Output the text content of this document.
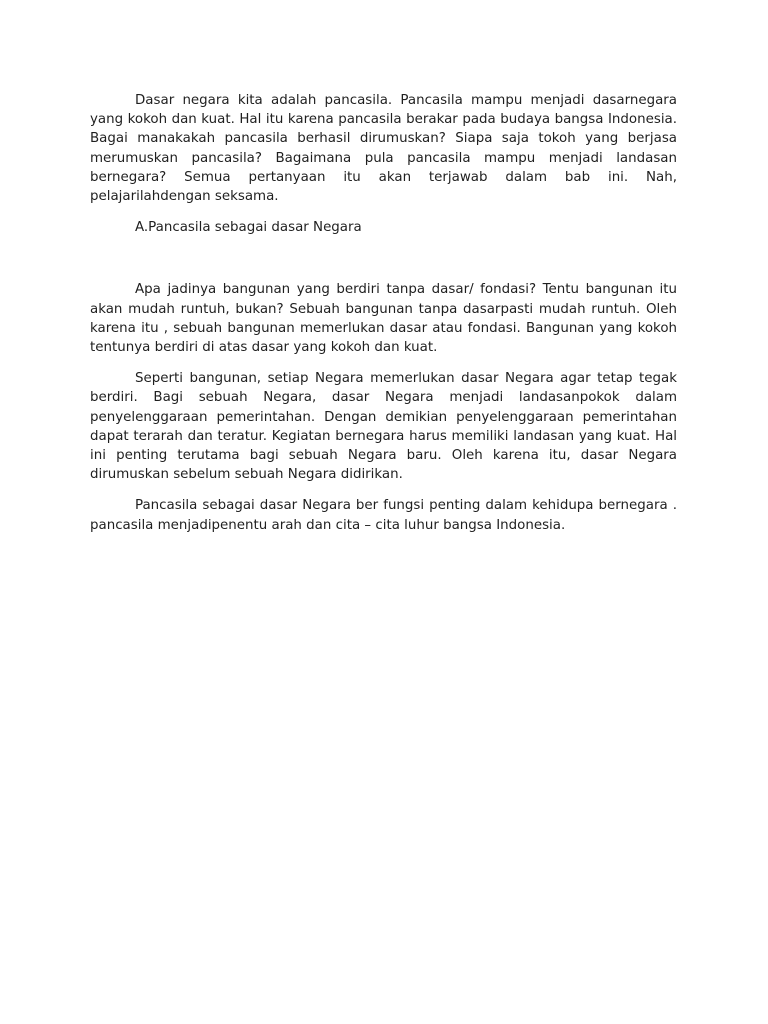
Dasar negara kita adalah pancasila. Pancasila mampu menjadi dasarnegara yang kokoh dan kuat. Hal itu karena pancasila berakar pada budaya bangsa Indonesia. Bagai manakakah pancasila berhasil dirumuskan? Siapa saja tokoh yang berjasa merumuskan pancasila? Bagaimana pula pancasila mampu menjadi landasan bernegara? Semua pertanyaan itu akan terjawab dalam bab ini. Nah, pelajarilahdengan seksama.

A.Pancasila sebagai dasar Negara

Apa jadinya bangunan yang berdiri tanpa dasar/ fondasi? Tentu bangunan itu akan mudah runtuh, bukan? Sebuah bangunan tanpa dasarpasti mudah runtuh. Oleh karena itu , sebuah bangunan memerlukan dasar atau fondasi. Bangunan yang kokoh tentunya berdiri di atas dasar yang kokoh dan kuat.

Seperti bangunan, setiap Negara memerlukan dasar Negara agar tetap tegak berdiri. Bagi sebuah Negara, dasar Negara menjadi landasanpokok dalam penyelenggaraan pemerintahan. Dengan demikian penyelenggaraan pemerintahan dapat terarah dan teratur. Kegiatan bernegara harus memiliki landasan yang kuat. Hal ini penting terutama bagi sebuah Negara baru. Oleh karena itu, dasar Negara dirumuskan sebelum sebuah Negara didirikan.

Pancasila sebagai dasar Negara ber fungsi penting dalam kehidupa bernegara . pancasila menjadipenentu arah dan cita – cita luhur bangsa Indonesia.
